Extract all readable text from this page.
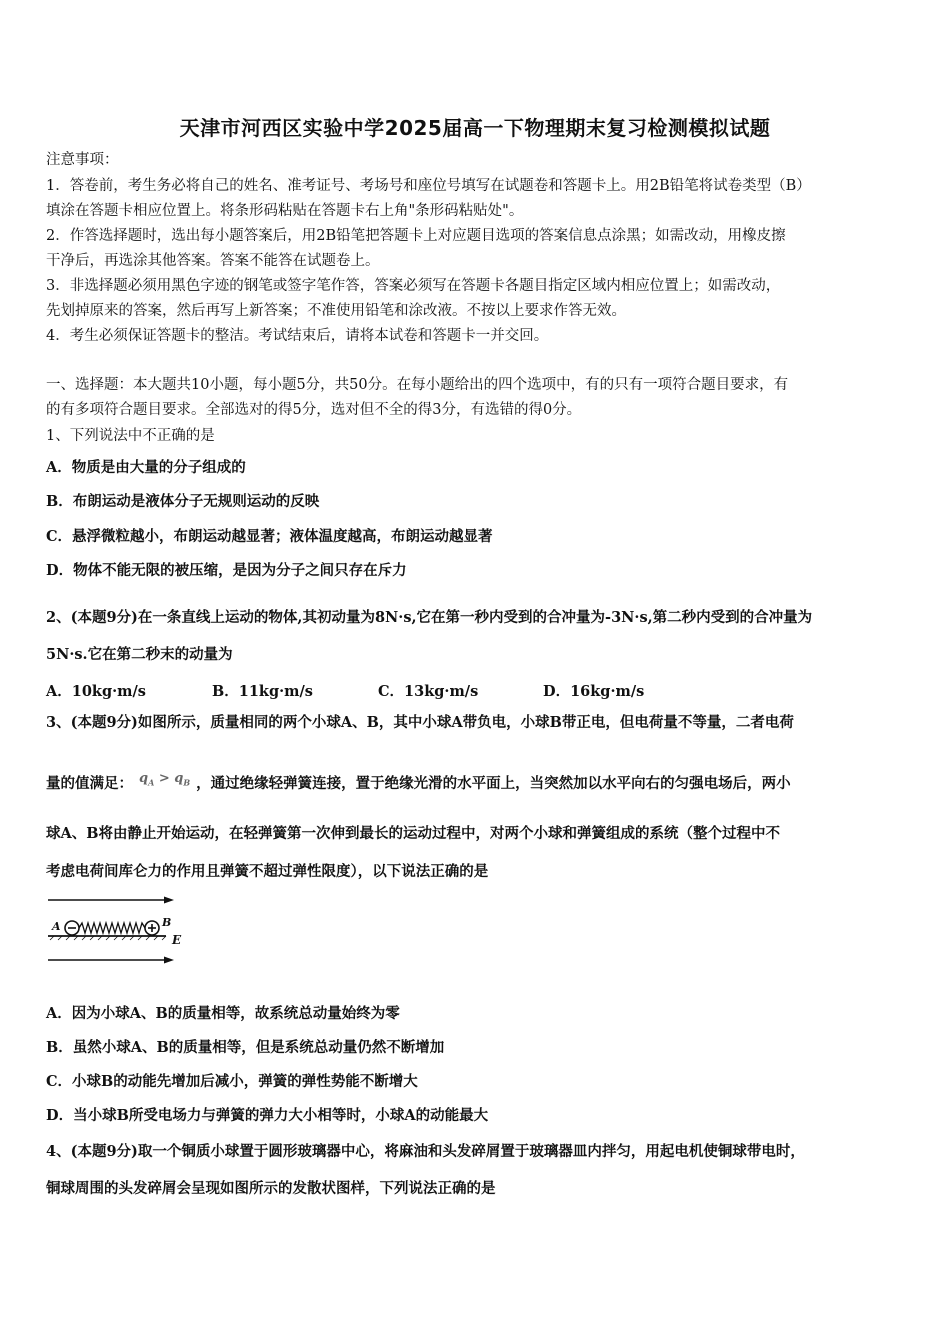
天津市河西区实验中学2025届高一下物理期末复习检测模拟试题
注意事项：
1．答卷前，考生务必将自己的姓名、准考证号、考场号和座位号填写在试题卷和答题卡上。用2B铅笔将试卷类型（B）
填涂在答题卡相应位置上。将条形码粘贴在答题卡右上角"条形码粘贴处"。
2．作答选择题时，选出每小题答案后，用2B铅笔把答题卡上对应题目选项的答案信息点涂黑；如需改动，用橡皮擦
干净后，再选涂其他答案。答案不能答在试题卷上。
3．非选择题必须用黑色字迹的钢笔或签字笔作答，答案必须写在答题卡各题目指定区域内相应位置上；如需改动，
先划掉原来的答案，然后再写上新答案；不准使用铅笔和涂改液。不按以上要求作答无效。
4．考生必须保证答题卡的整洁。考试结束后，请将本试卷和答题卡一并交回。
一、选择题：本大题共10小题，每小题5分，共50分。在每小题给出的四个选项中，有的只有一项符合题目要求，有
的有多项符合题目要求。全部选对的得5分，选对但不全的得3分，有选错的得0分。
1、下列说法中不正确的是
A．物质是由大量的分子组成的
B．布朗运动是液体分子无规则运动的反映
C．悬浮微粒越小，布朗运动越显著；液体温度越高，布朗运动越显著
D．物体不能无限的被压缩，是因为分子之间只存在斥力
2、(本题9分)在一条直线上运动的物体,其初动量为8N·s,它在第一秒内受到的合冲量为-3N·s,第二秒内受到的合冲量为
5N·s.它在第二秒末的动量为
A．10kg·m/s	B．11kg·m/s	C．13kg·m/s	D．16kg·m/s
3、(本题9分)如图所示，质量相同的两个小球A、B，其中小球A带负电，小球B带正电，但电荷量不等量，二者电荷
量的值满足： $q_A > q_B$ ，通过绝缘轻弹簧连接，置于绝缘光滑的水平面上，当突然加以水平向右的匀强电场后，两小
球A、B将由静止开始运动，在轻弹簧第一次伸到最长的运动过程中，对两个小球和弹簧组成的系统（整个过程中不
考虑电荷间库仑力的作用且弹簧不超过弹性限度），以下说法正确的是
A	B
E
A．因为小球A、B的质量相等，故系统总动量始终为零
B．虽然小球A、B的质量相等，但是系统总动量仍然不断增加
C．小球B的动能先增加后减小，弹簧的弹性势能不断增大
D．当小球B所受电场力与弹簧的弹力大小相等时，小球A的动能最大
4、(本题9分)取一个铜质小球置于圆形玻璃器中心，将麻油和头发碎屑置于玻璃器皿内拌匀，用起电机使铜球带电时，
铜球周围的头发碎屑会呈现如图所示的发散状图样，下列说法正确的是
